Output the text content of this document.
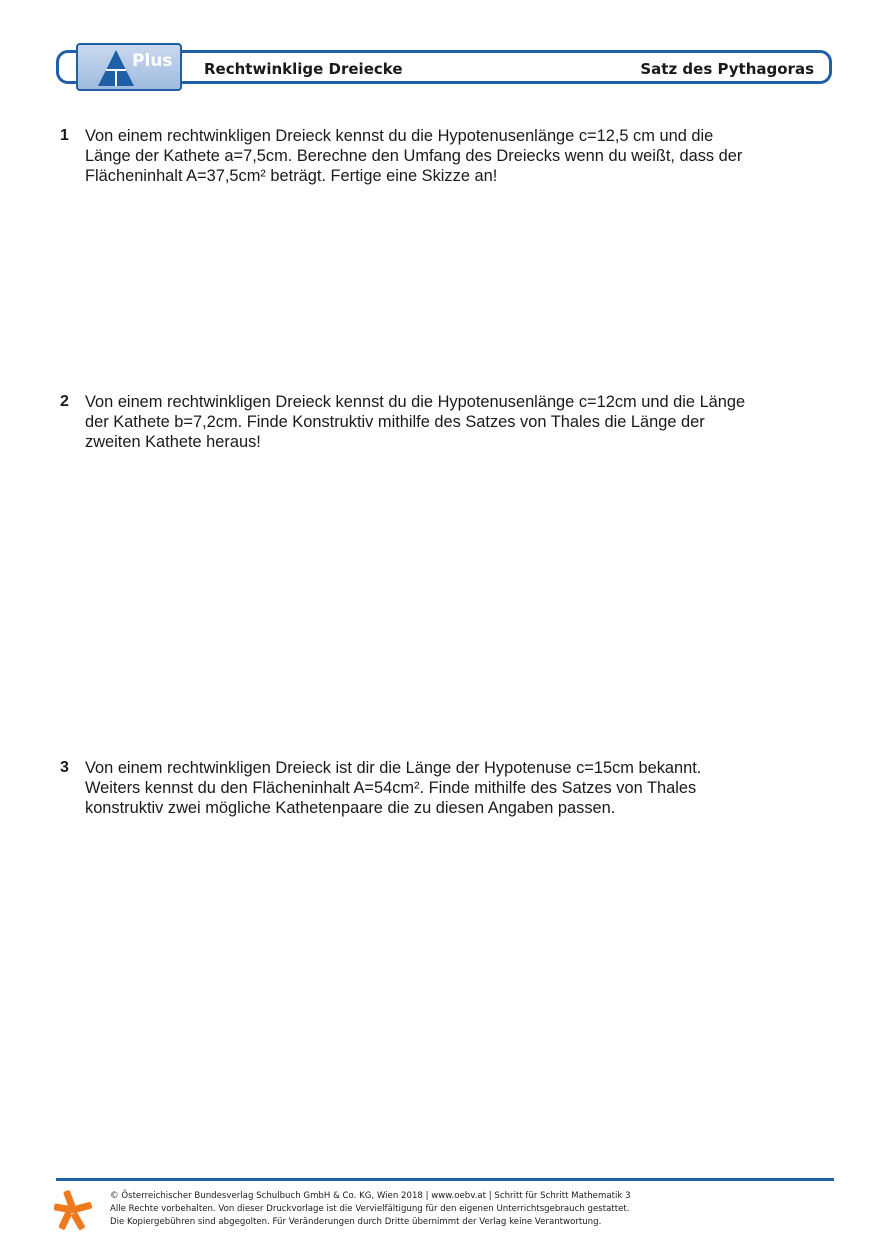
Plus Rechtwinklige Dreiecke	Satz des Pythagoras
1 Von einem rechtwinkligen Dreieck kennst du die Hypotenusenlänge c=12,5 cm und die
Länge der Kathete a=7,5cm. Berechne den Umfang des Dreiecks wenn du weißt, dass der
Flächeninhalt A=37,5cm² beträgt. Fertige eine Skizze an!
2 Von einem rechtwinkligen Dreieck kennst du die Hypotenusenlänge c=12cm und die Länge
der Kathete b=7,2cm. Finde Konstruktiv mithilfe des Satzes von Thales die Länge der
zweiten Kathete heraus!
3 Von einem rechtwinkligen Dreieck ist dir die Länge der Hypotenuse c=15cm bekannt.
Weiters kennst du den Flächeninhalt A=54cm². Finde mithilfe des Satzes von Thales
konstruktiv zwei mögliche Kathetenpaare die zu diesen Angaben passen.
© Österreichischer Bundesverlag Schulbuch GmbH & Co. KG, Wien 2018 | www.oebv.at | Schritt für Schritt Mathematik 3
Alle Rechte vorbehalten. Von dieser Druckvorlage ist die Vervielfältigung für den eigenen Unterrichtsgebrauch gestattet.
Die Kopiergebühren sind abgegolten. Für Veränderungen durch Dritte übernimmt der Verlag keine Verantwortung.
